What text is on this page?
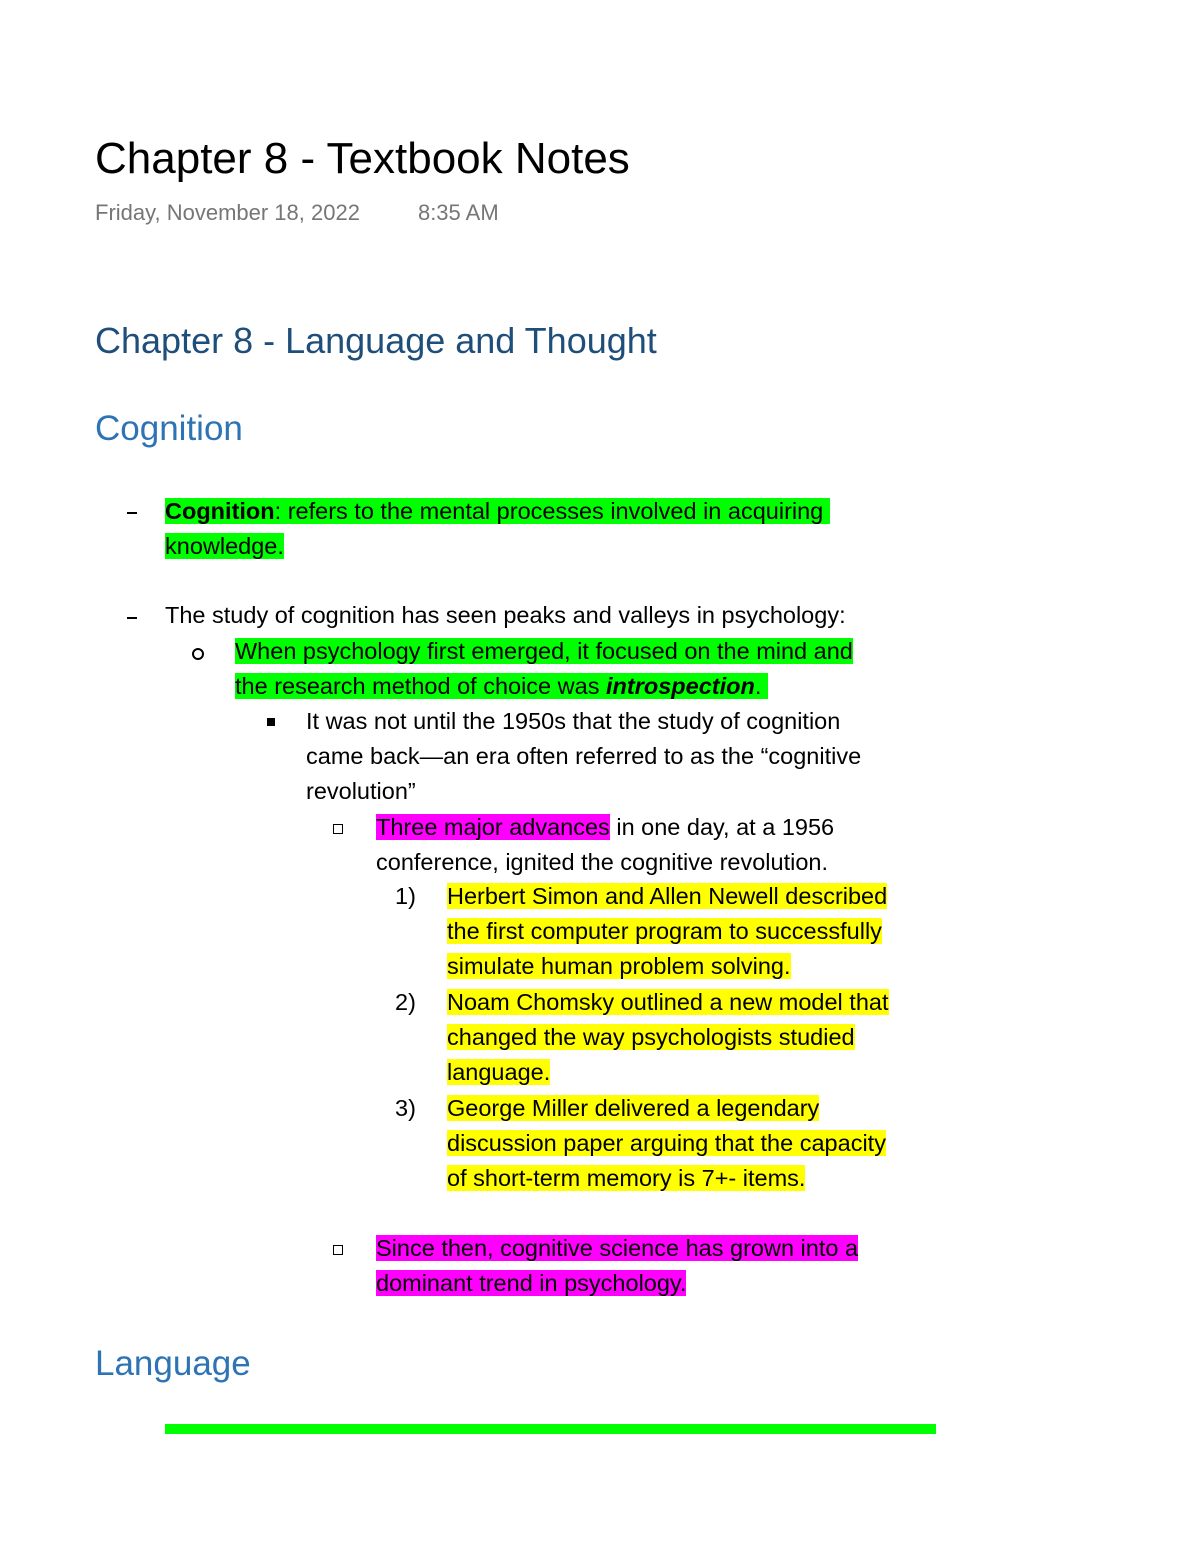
Chapter 8 - Textbook Notes
Friday, November 18, 2022	8:35 AM
Chapter 8 - Language and Thought
Cognition
Cognition: refers to the mental processes involved in acquiring
knowledge.
The study of cognition has seen peaks and valleys in psychology:
When psychology first emerged, it focused on the mind and
the research method of choice was introspection.
It was not until the 1950s that the study of cognition
came back—an era often referred to as the “cognitive
revolution”
Three major advances in one day, at a 1956
conference, ignited the cognitive revolution.
1) Herbert Simon and Allen Newell described
the first computer program to successfully
simulate human problem solving.
2) Noam Chomsky outlined a new model that
changed the way psychologists studied
language.
3) George Miller delivered a legendary
discussion paper arguing that the capacity
of short-term memory is 7+- items.
Since then, cognitive science has grown into a
dominant trend in psychology.
Language
